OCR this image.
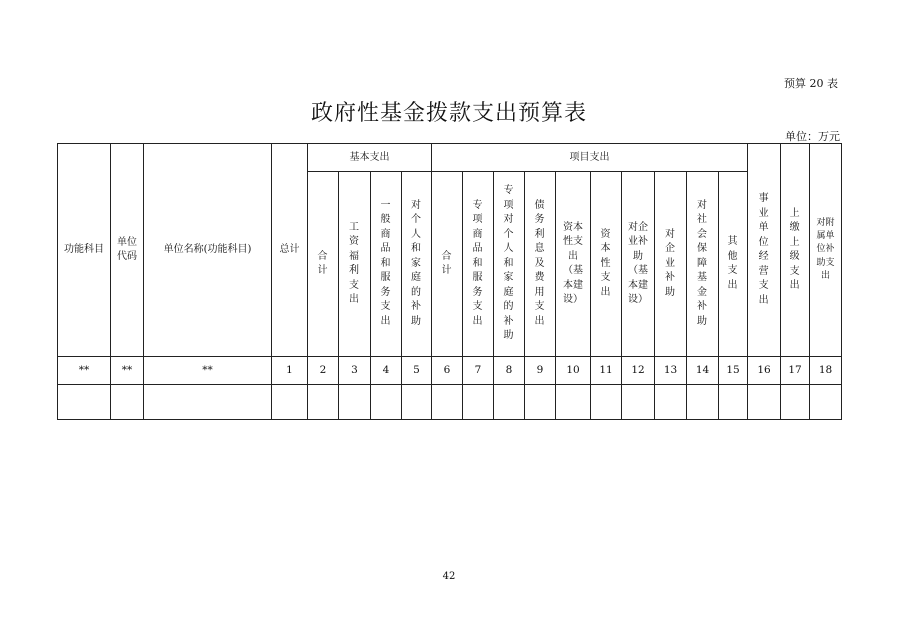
预算 20 表
政府性基金拨款支出预算表
单位：万元
功能科目	单位代码	单位名称(功能科目)	总计	基本支出				项目支出										事业单位经营支出	上缴上级支出	对附属单位补助支出
				合计	工资福利支出	一般商品和服务支出	对个人和家庭的补助	合计	专项商品和服务支出	专项对个人和家庭的补助	债务利息及费用支出	资本性支出（基本建设）	资本性支出	对企业补助（基本建设）	对企业补助	对社会保障基金补助	其他支出			
**	**	**	1	2	3	4	5	6	7	8	9	10	11	12	13	14	15	16	17	18

42
